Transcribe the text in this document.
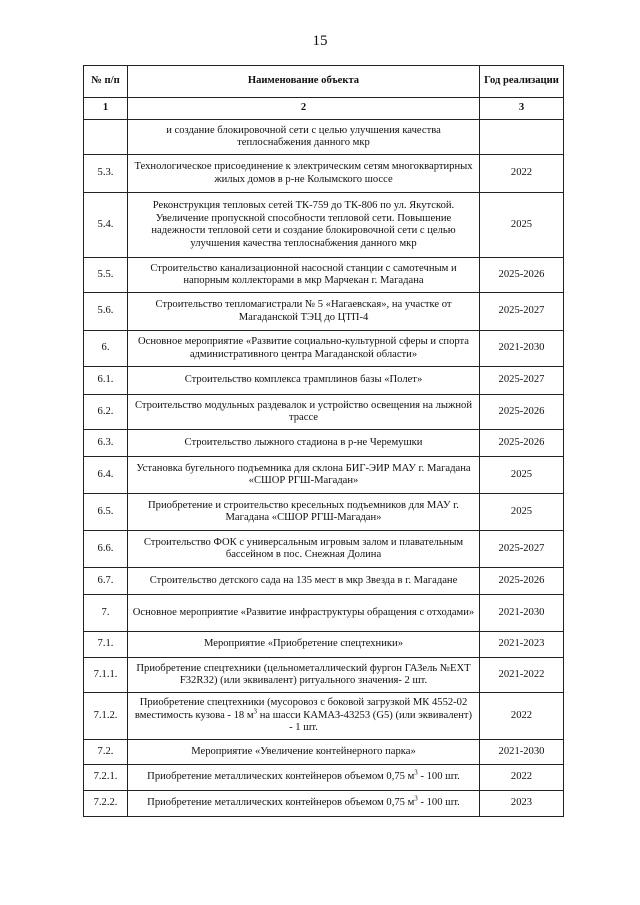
15
№ п/п	Наименование объекта	Год реализации
1	2	3
	и создание блокировочной сети с целью улучшения качества теплоснабжения данного мкр	
5.3.	Технологическое присоединение к электрическим сетям многоквартирных жилых домов в р-не Колымского шоссе	2022
5.4.	Реконструкция тепловых сетей ТК-759 до ТК-806 по ул. Якутской. Увеличение пропускной способности тепловой сети. Повышение надежности тепловой сети и создание блокировочной сети с целью улучшения качества теплоснабжения данного мкр	2025
5.5.	Строительство канализационной насосной станции с самотечным и напорным коллекторами в мкр Марчекан г. Магадана	2025-2026
5.6.	Строительство тепломагистрали № 5 «Нагаевская», на участке от Магаданской ТЭЦ до ЦТП-4	2025-2027
6.	Основное мероприятие «Развитие социально-культурной сферы и спорта административного центра Магаданской области»	2021-2030
6.1.	Строительство комплекса трамплинов базы «Полет»	2025-2027
6.2.	Строительство модульных раздевалок и устройство освещения на лыжной трассе	2025-2026
6.3.	Строительство лыжного стадиона в р-не Черемушки	2025-2026
6.4.	Установка бугельного подъемника для склона БИГ-ЭИР МАУ г. Магадана «СШОР РГШ-Магадан»	2025
6.5.	Приобретение и строительство кресельных подъемников для МАУ г. Магадана «СШОР РГШ-Магадан»	2025
6.6.	Строительство ФОК с универсальным игровым залом и плавательным бассейном в пос. Снежная Долина	2025-2027
6.7.	Строительство детского сада на 135 мест в мкр Звезда в г. Магадане	2025-2026
7.	Основное мероприятие «Развитие инфраструктуры обращения с отходами»	2021-2030
7.1.	Мероприятие «Приобретение спецтехники»	2021-2023
7.1.1.	Приобретение спецтехники (цельнометаллический фургон ГАЗель №EXT F32R32) (или эквивалент) ритуального значения- 2 шт.	2021-2022
7.1.2.	Приобретение спецтехники (мусоровоз с боковой загрузкой МК 4552-02 вместимость кузова - 18 $м^3$ на шасси КАМАЗ-43253 (G5) (или эквивалент) - 1 шт.	2022
7.2.	Мероприятие «Увеличение контейнерного парка»	2021-2030
7.2.1.	Приобретение металлических контейнеров объемом 0,75 $м^3 - 100$ шт.	2022
7.2.2.	Приобретение металлических контейнеров объемом 0,75 $м^3 - 100$ шт.	2023
